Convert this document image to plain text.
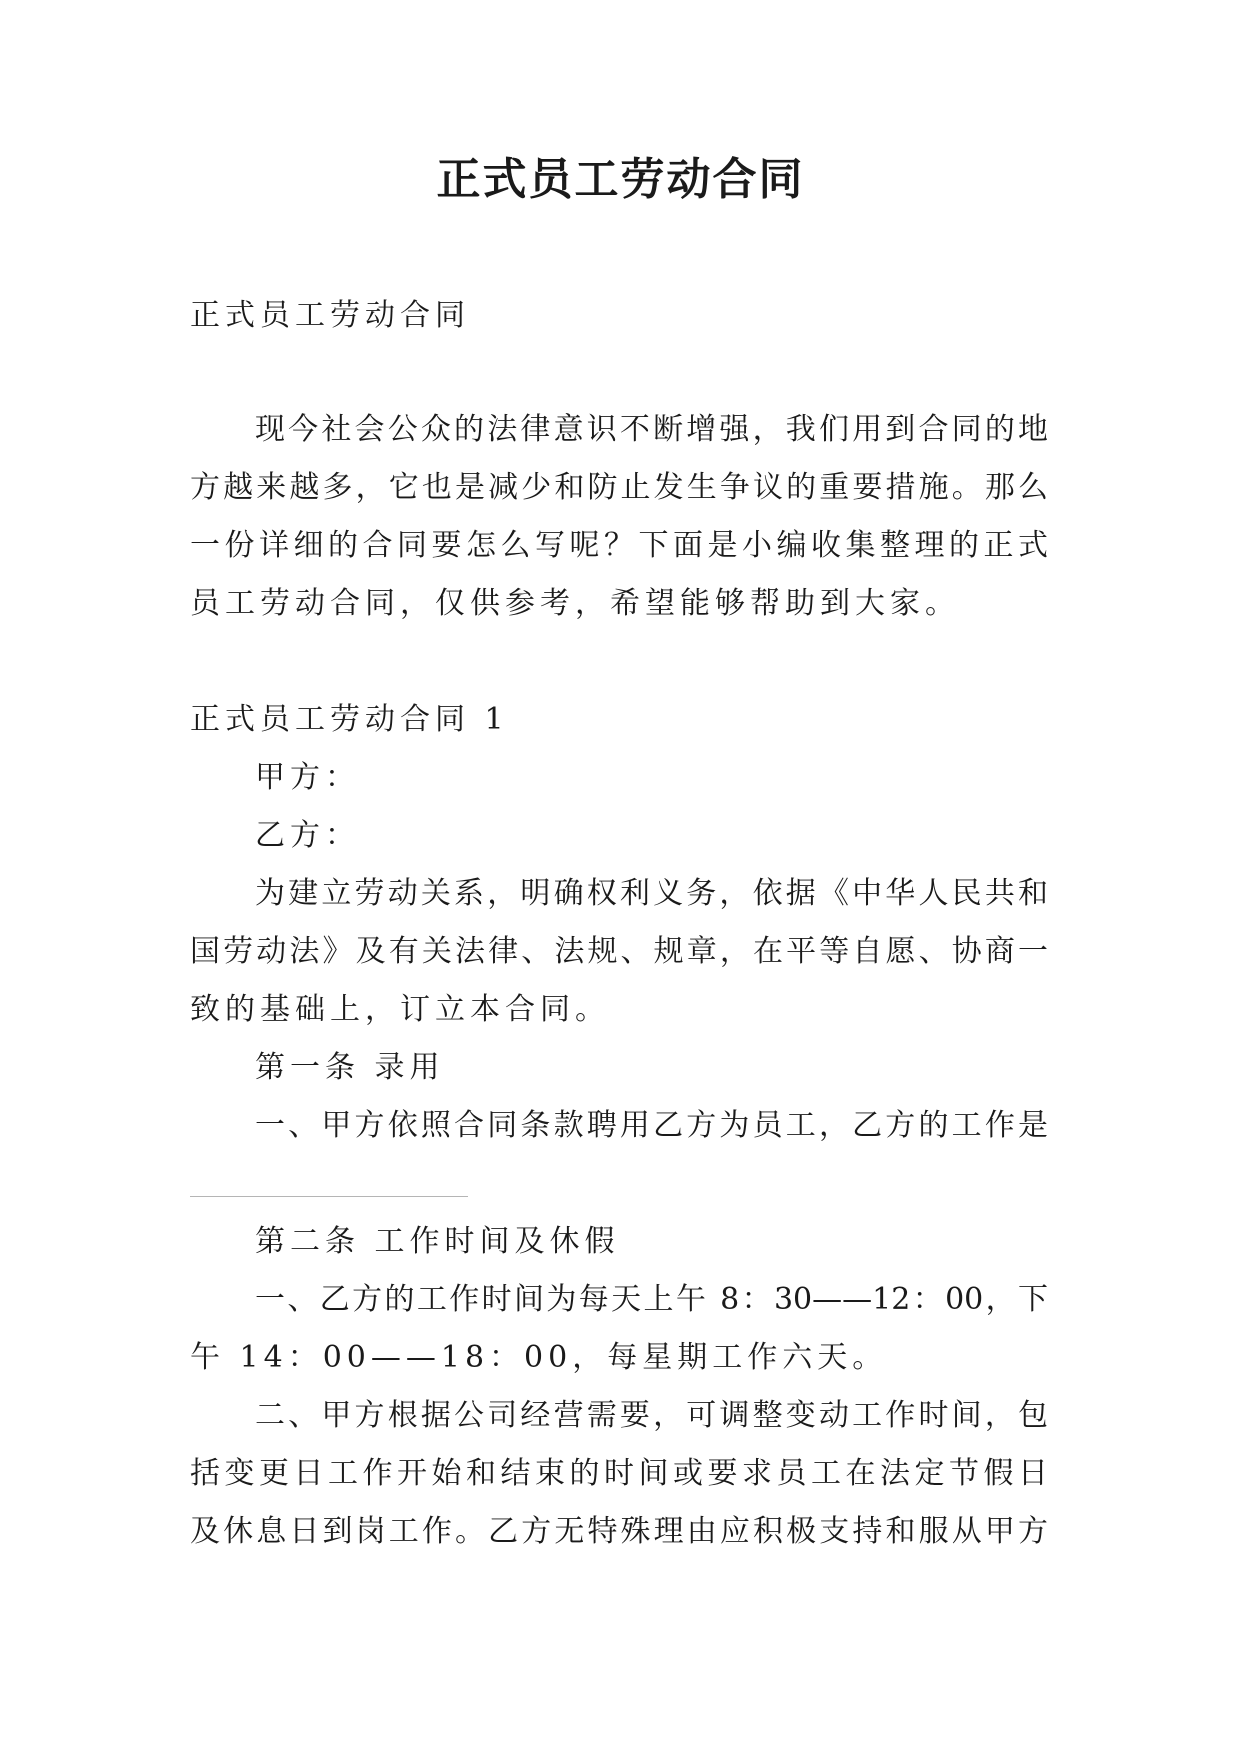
正式员工劳动合同

正式员工劳动合同

现今社会公众的法律意识不断增强，我们用到合同的地

方越来越多，它也是减少和防止发生争议的重要措施。那么

一份详细的合同要怎么写呢？下面是小编收集整理的正式

员工劳动合同，仅供参考，希望能够帮助到大家。

正式员工劳动合同 1

甲方：

乙方：

为建立劳动关系，明确权利义务，依据《中华人民共和

国劳动法》及有关法律、法规、规章，在平等自愿、协商一

致的基础上，订立本合同。

第一条 录用

一、甲方依照合同条款聘用乙方为员工，乙方的工作是

第二条 工作时间及休假

一、乙方的工作时间为每天上午 8：30——12：00，下

午 14：00——18：00，每星期工作六天。

二、甲方根据公司经营需要，可调整变动工作时间，包

括变更日工作开始和结束的时间或要求员工在法定节假日

及休息日到岗工作。乙方无特殊理由应积极支持和服从甲方
